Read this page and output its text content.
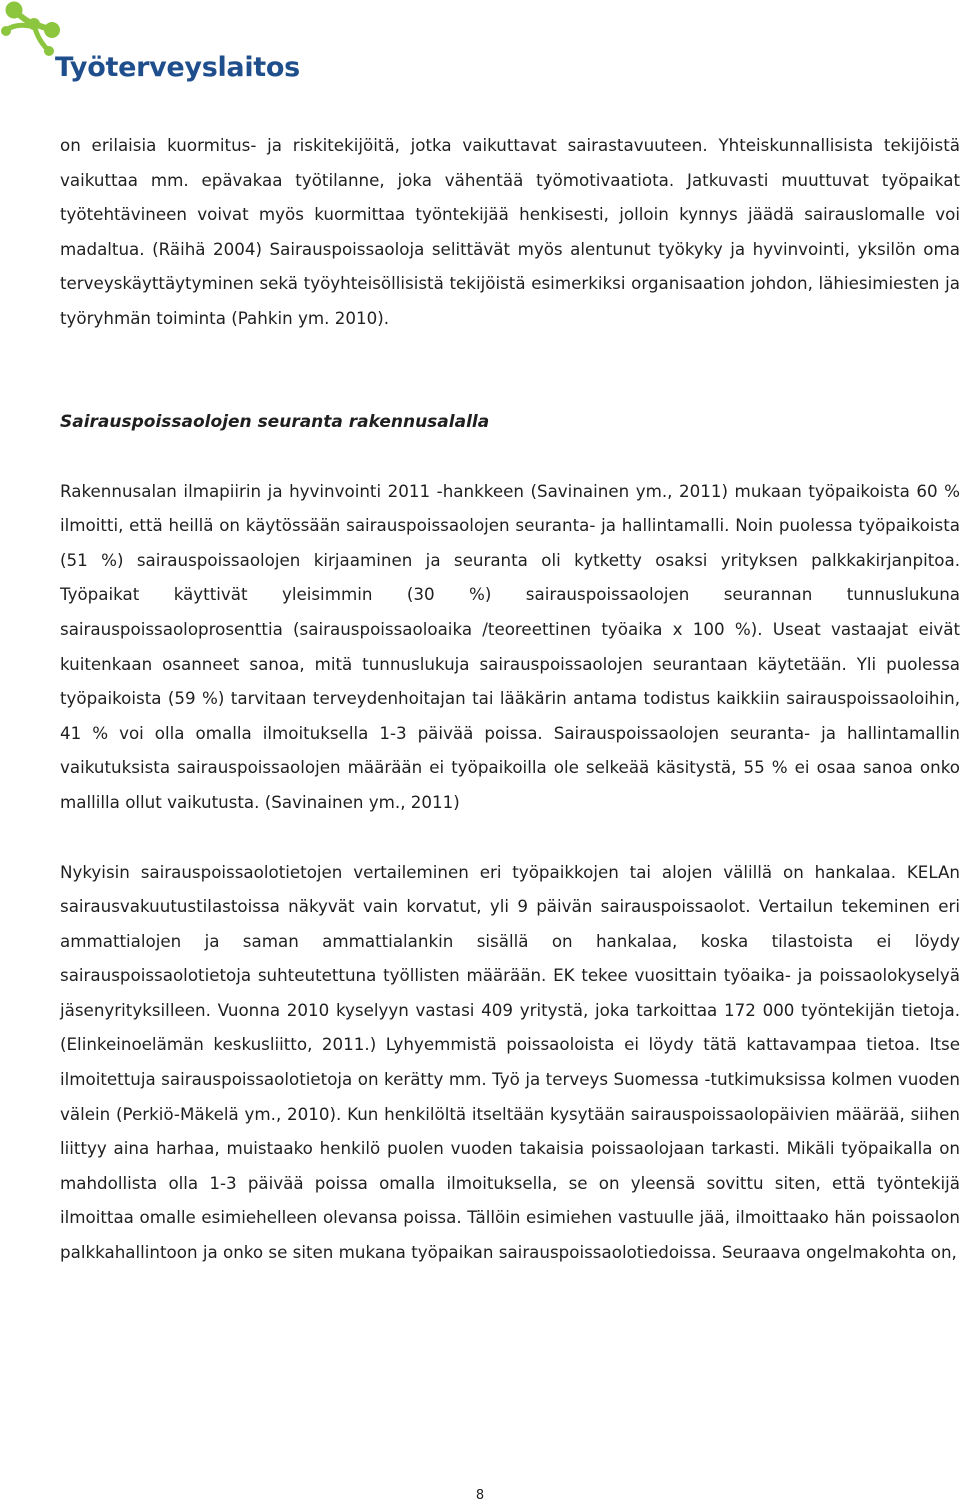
Työterveyslaitos

on erilaisia kuormitus- ja riskitekijöitä, jotka vaikuttavat sairastavuuteen. Yhteiskunnallisista tekijöistä vaikuttaa mm. epävakaa työtilanne, joka vähentää työmotivaatiota. Jatkuvasti muuttuvat työpaikat työtehtävineen voivat myös kuormittaa työntekijää henkisesti, jolloin kynnys jäädä sairauslomalle voi madaltua. (Räihä 2004) Sairauspoissaoloja selittävät myös alentunut työkyky ja hyvinvointi, yksilön oma terveyskäyttäytyminen sekä työyhteisöllisistä tekijöistä esimerkiksi organisaation johdon, lähiesimiesten ja työryhmän toiminta (Pahkin ym. 2010).

Sairauspoissaolojen seuranta rakennusalalla

Rakennusalan ilmapiirin ja hyvinvointi 2011 -hankkeen (Savinainen ym., 2011) mukaan työpaikoista 60 % ilmoitti, että heillä on käytössään sairauspoissaolojen seuranta- ja hallintamalli. Noin puolessa työpaikoista (51 %) sairauspoissaolojen kirjaaminen ja seuranta oli kytketty osaksi yrityksen palkkakirjanpitoa. Työpaikat käyttivät yleisimmin (30 %) sairauspoissaolojen seurannan tunnuslukuna sairauspoissaoloprosenttia (sairauspoissaoloaika /teoreettinen työaika x 100 %). Useat vastaajat eivät kuitenkaan osanneet sanoa, mitä tunnuslukuja sairauspoissaolojen seurantaan käytetään. Yli puolessa työpaikoista (59 %) tarvitaan terveydenhoitajan tai lääkärin antama todistus kaikkiin sairauspoissaoloihin, 41 % voi olla omalla ilmoituksella 1-3 päivää poissa. Sairauspoissaolojen seuranta- ja hallintamallin vaikutuksista sairauspoissaolojen määrään ei työpaikoilla ole selkeää käsitystä, 55 % ei osaa sanoa onko mallilla ollut vaikutusta. (Savinainen ym., 2011)

Nykyisin sairauspoissaolotietojen vertaileminen eri työpaikkojen tai alojen välillä on hankalaa. KELAn sairausvakuutustilastoissa näkyvät vain korvatut, yli 9 päivän sairauspoissaolot. Vertailun tekeminen eri ammattialojen ja saman ammattialankin sisällä on hankalaa, koska tilastoista ei löydy sairauspoissaolotietoja suhteutettuna työllisten määrään. EK tekee vuosittain työaika- ja poissaolokyselyä jäsenyrityksilleen. Vuonna 2010 kyselyyn vastasi 409 yritystä, joka tarkoittaa 172 000 työntekijän tietoja. (Elinkeinoelämän keskusliitto, 2011.) Lyhyemmistä poissaoloista ei löydy tätä kattavampaa tietoa. Itse ilmoitettuja sairauspoissaolotietoja on kerätty mm. Työ ja terveys Suomessa -tutkimuksissa kolmen vuoden välein (Perkiö-Mäkelä ym., 2010). Kun henkilöltä itseltään kysytään sairauspoissaolopäivien määrää, siihen liittyy aina harhaa, muistaako henkilö puolen vuoden takaisia poissaolojaan tarkasti. Mikäli työpaikalla on mahdollista olla 1-3 päivää poissa omalla ilmoituksella, se on yleensä sovittu siten, että työntekijä ilmoittaa omalle esimiehelleen olevansa poissa. Tällöin esimiehen vastuulle jää, ilmoittaako hän poissaolon palkkahallintoon ja onko se siten mukana työpaikan sairauspoissaolotiedoissa. Seuraava ongelmakohta on,

8
